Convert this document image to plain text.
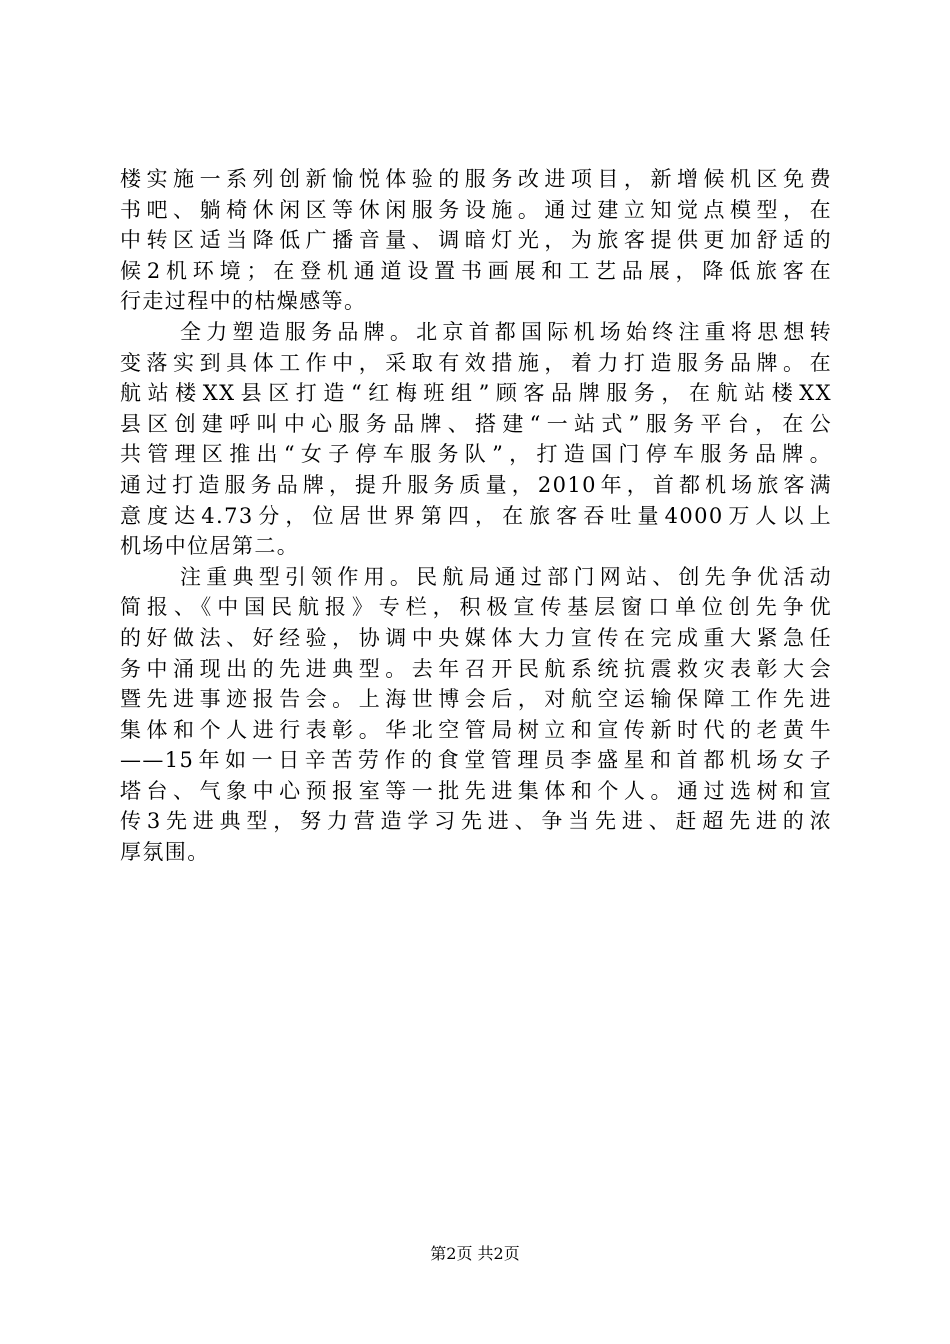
楼实施一系列创新愉悦体验的服务改进项目，新增候机区免费
书吧、躺椅休闲区等休闲服务设施。通过建立知觉点模型，在
中转区适当降低广播音量、调暗灯光，为旅客提供更加舒适的
候2机环境；在登机通道设置书画展和工艺品展，降低旅客在
行走过程中的枯燥感等。
全力塑造服务品牌。北京首都国际机场始终注重将思想转
变落实到具体工作中，采取有效措施，着力打造服务品牌。在
航站楼XX县区打造“红梅班组”顾客品牌服务，在航站楼XX
县区创建呼叫中心服务品牌、搭建“一站式”服务平台，在公
共管理区推出“女子停车服务队”，打造国门停车服务品牌。
通过打造服务品牌，提升服务质量，2010年，首都机场旅客满
意度达4.73分，位居世界第四，在旅客吞吐量4000万人以上
机场中位居第二。
注重典型引领作用。民航局通过部门网站、创先争优活动
简报、《中国民航报》专栏，积极宣传基层窗口单位创先争优
的好做法、好经验，协调中央媒体大力宣传在完成重大紧急任
务中涌现出的先进典型。去年召开民航系统抗震救灾表彰大会
暨先进事迹报告会。上海世博会后，对航空运输保障工作先进
集体和个人进行表彰。华北空管局树立和宣传新时代的老黄牛
——15年如一日辛苦劳作的食堂管理员李盛星和首都机场女子
塔台、气象中心预报室等一批先进集体和个人。通过选树和宣
传3先进典型，努力营造学习先进、争当先进、赶超先进的浓
厚氛围。
第2页 共2页
